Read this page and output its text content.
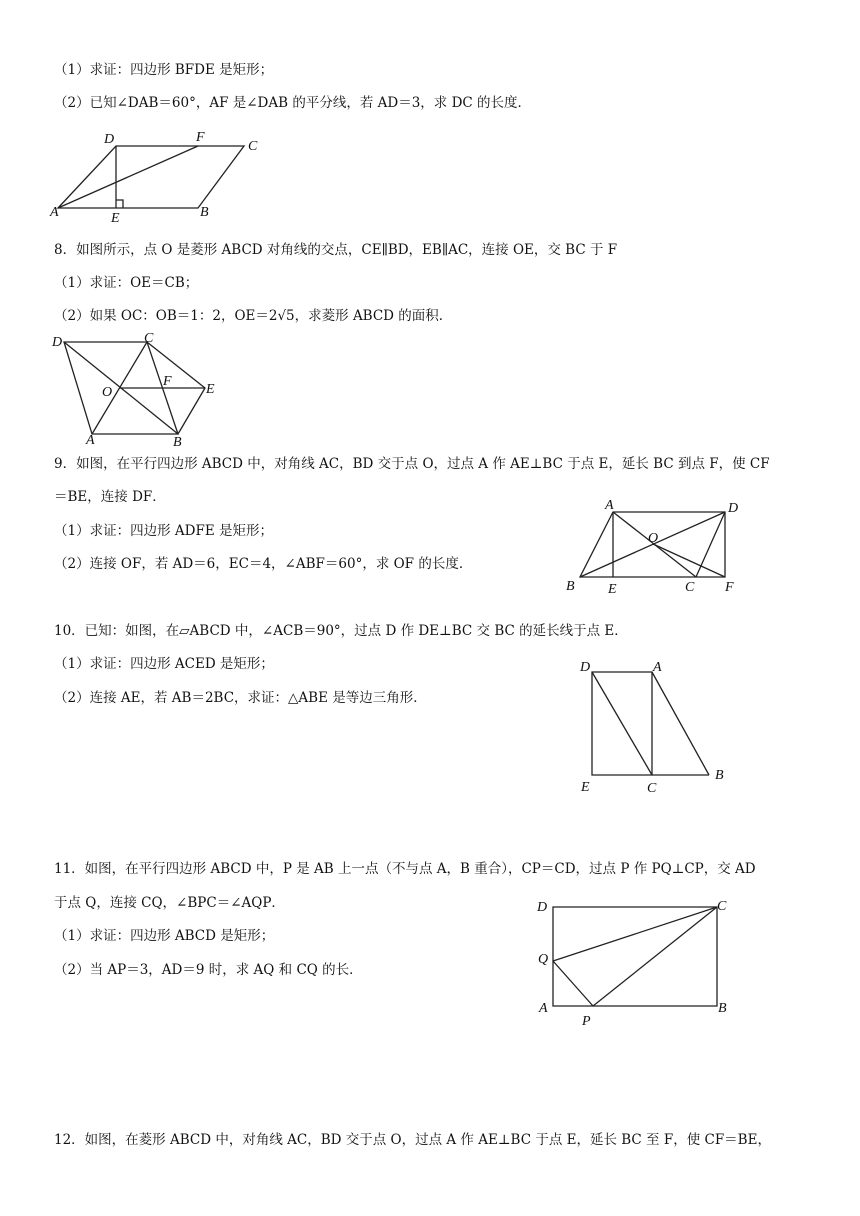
（1）求证：四边形 BFDE 是矩形；
（2）已知∠DAB＝60°，AF 是∠DAB 的平分线，若 AD＝3，求 DC 的长度．
D	F
C
A	E	B
8．如图所示，点 O 是菱形 ABCD 对角线的交点，CE∥BD，EB∥AC，连接 OE，交 BC 于 F
（1）求证：OE＝CB；
（2）如果 OC：OB＝1：2，OE＝2√5，求菱形 ABCD 的面积．
D	C
O
F
E
A	B
9．如图，在平行四边形 ABCD 中，对角线 AC，BD 交于点 O，过点 A 作 AE⊥BC 于点 E，延长 BC 到点 F，使 CF
＝BE，连接 DF．
（1）求证：四边形 ADFE 是矩形；
（2）连接 OF，若 AD＝6，EC＝4，∠ABF＝60°，求 OF 的长度．
A	D
O
B E	C F
10．已知：如图，在▱ABCD 中，∠ACB＝90°，过点 D 作 DE⊥BC 交 BC 的延长线于点 E．
（1）求证：四边形 ACED 是矩形；
（2）连接 AE，若 AB＝2BC，求证：△ABE 是等边三角形．
D	A
E	C
B
11．如图，在平行四边形 ABCD 中，P 是 AB 上一点（不与点 A，B 重合），CP＝CD，过点 P 作 PQ⊥CP，交 AD
于点 Q，连接 CQ，∠BPC＝∠AQP．
（1）求证：四边形 ABCD 是矩形；
（2）当 AP＝3，AD＝9 时，求 AQ 和 CQ 的长．
D	C
Q
A
P
B
12．如图，在菱形 ABCD 中，对角线 AC，BD 交于点 O，过点 A 作 AE⊥BC 于点 E，延长 BC 至 F，使 CF＝BE，
